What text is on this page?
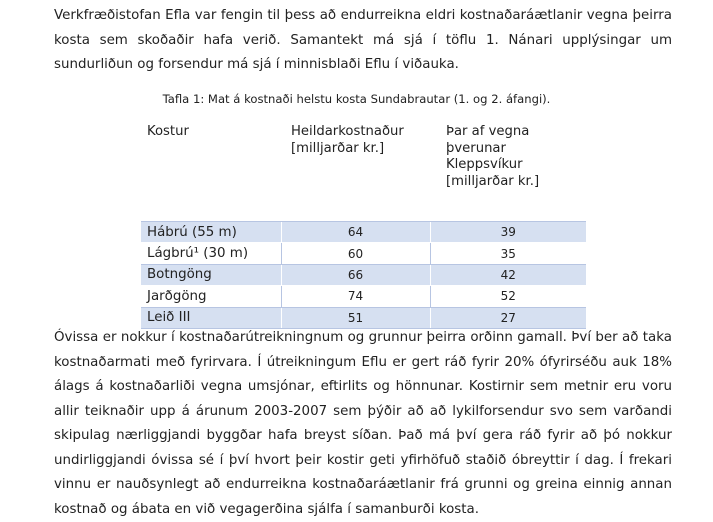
Verkfræðistofan Efla var fengin til þess að endurreikna eldri kostnaðaráætlanir vegna þeirra kosta sem skoðaðir hafa verið. Samantekt má sjá í töflu 1. Nánari upplýsingar um sundurliðun og forsendur má sjá í minnisblaði Eflu í viðauka.

Tafla 1: Mat á kostnaði helstu kosta Sundabrautar (1. og 2. áfangi).
Kostur	Heildarkostnaður [milljarðar kr.]	Þar af vegna þverunar Kleppsvíkur [milljarðar kr.]
Hábrú (55 m)	64	39
Lágbrú¹ (30 m)	60	35
Botngöng	66	42
Jarðgöng	74	52
Leið III	51	27

Óvissa er nokkur í kostnaðarútreikningnum og grunnur þeirra orðinn gamall. Því ber að taka kostnaðarmati með fyrirvara. Í útreikningum Eflu er gert ráð fyrir 20% ófyrirséðu auk 18% álags á kostnaðarliði vegna umsjónar, eftirlits og hönnunar. Kostirnir sem metnir eru voru allir teiknaðir upp á árunum 2003-2007 sem þýðir að að lykilforsendur svo sem varðandi skipulag nærliggjandi byggðar hafa breyst síðan. Það má því gera ráð fyrir að þó nokkur undirliggjandi óvissa sé í því hvort þeir kostir geti yfirhöfuð staðið óbreyttir í dag. Í frekari vinnu er nauðsynlegt að endurreikna kostnaðaráætlanir frá grunni og greina einnig annan kostnað og ábata en við vegagerðina sjálfa í samanburði kosta.
